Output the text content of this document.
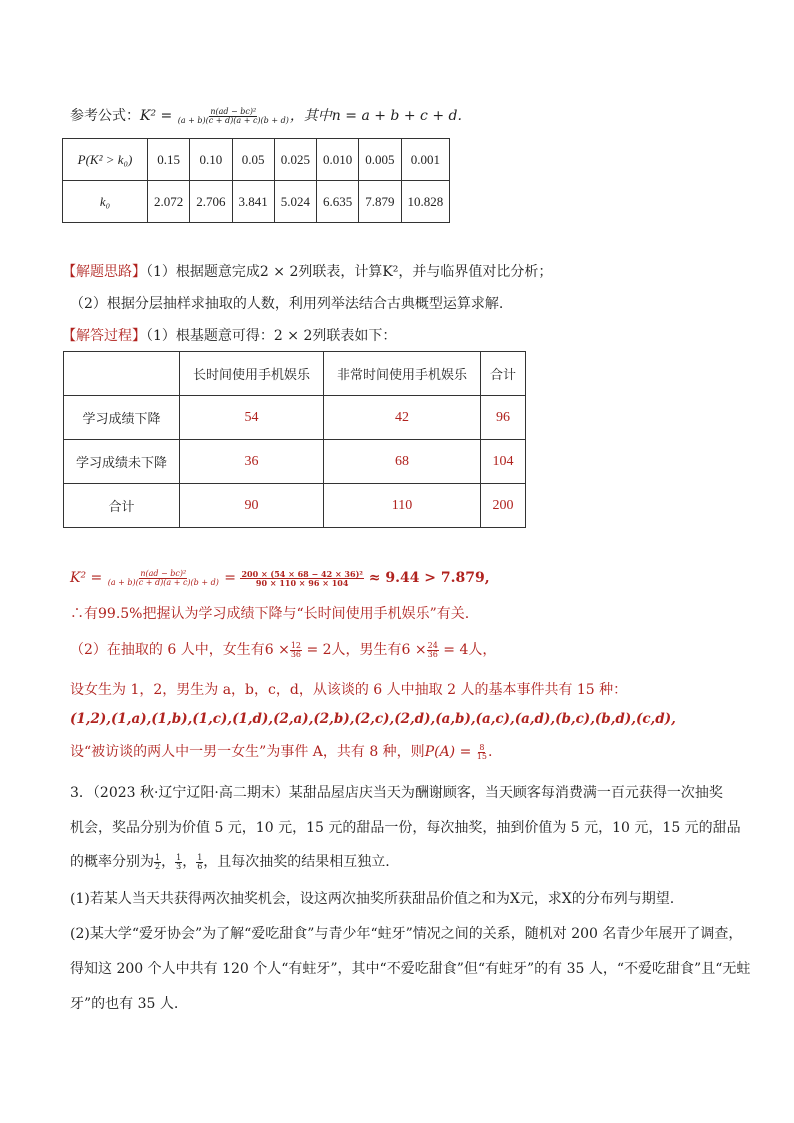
参考公式：$K^2 = \frac{\text{n(ad − bc)²}}{(a + b)(c + d)(a + c)(b + d)}$ ，其中n = a + b + c + d.
P(K² > k₀)	0.15	0.10	0.05	0.025	0.010	0.005	0.001
k₀	2.072	2.706	3.841	5.024	6.635	7.879	10.828
【解题思路】（1）根据题意完成2 × 2列联表，计算K²，并与临界值对比分析；
（2）根据分层抽样求抽取的人数，利用列举法结合古典概型运算求解.
【解答过程】（1）根基题意可得：2 × 2列联表如下：
	长时间使用手机娱乐	非常时间使用手机娱乐	合计
学习成绩下降	54	42	96
学习成绩未下降	36	68	104
合计	90	110	200
$K^2 = \frac{\text{n(ad − bc)²}}{(a + b)(c + d)(a + c)(b + d)} = \frac{\text{200 × (54 × 68 − 42 × 36)²}}{90 \times 110 \times 96 \times 104} \approx 9.44 > 7.879$,
∴有99.5%把握认为学习成绩下降与“长时间使用手机娱乐”有关.
（2）在抽取的 6 人中，女生有$6 \times \frac{12}{36} = 2$人，男生有$6 \times \frac{24}{36} = 4$人，
设女生为 1，2，男生为 a，b，c，d，从该谈的 6 人中抽取 2 人的基本事件共有 15 种：
(1,2),(1,a),(1,b),(1,c),(1,d),(2,a),(2,b),(2,c),(2,d),(a,b),(a,c),(a,d),(b,c),(b,d),(c,d),
设“被访谈的两人中一男一女生”为事件 A，共有 8 种，则$P(A) = \frac{8}{15}$ .
3．（2023 秋·辽宁辽阳·高二期末）某甜品屋店庆当天为酬谢顾客，当天顾客每消费满一百元获得一次抽奖
机会，奖品分别为价值 5 元，10 元，15 元的甜品一份，每次抽奖，抽到价值为 5 元，10 元，15 元的甜品
的概率分别为 $\frac{1}{2}$ ， $\frac{1}{3}$ ， $\frac{1}{6}$ ，且每次抽奖的结果相互独立.
(1)若某人当天共获得两次抽奖机会，设这两次抽奖所获甜品价值之和为X元，求X的分布列与期望.
(2)某大学“爱牙协会”为了解“爱吃甜食”与青少年“蛀牙”情况之间的关系，随机对 200 名青少年展开了调查，
得知这 200 个人中共有 120 个人“有蛀牙”，其中“不爱吃甜食”但“有蛀牙”的有 35 人，“不爱吃甜食”且“无蛀
牙”的也有 35 人.
